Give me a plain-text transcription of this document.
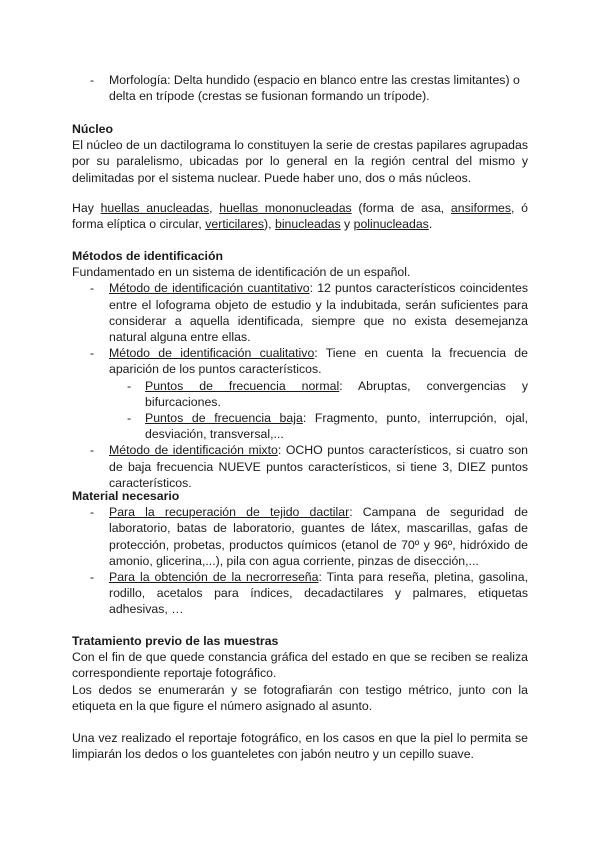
- Morfología: Delta hundido (espacio en blanco entre las crestas limitantes) o
delta en trípode (crestas se fusionan formando un trípode).
Núcleo

El núcleo de un dactilograma lo constituyen la serie de crestas papilares agrupadas por su paralelismo, ubicadas por lo general en la región central del mismo y delimitadas por el sistema nuclear. Puede haber uno, dos o más núcleos.

Hay huellas anucleadas, huellas mononucleadas (forma de asa, ansiformes, ó forma elíptica o circular, verticilares), binucleadas y polinucleadas.

Métodos de identificación
Fundamentado en un sistema de identificación de un español.
- Método de identificación cuantitativo: 12 puntos característicos coincidentes entre el lofograma objeto de estudio y la indubitada, serán suficientes para considerar a aquella identificada, siempre que no exista desemejanza natural alguna entre ellas.
- Método de identificación cualitativo: Tiene en cuenta la frecuencia de aparición de los puntos característicos.
- Puntos de frecuencia normal: Abruptas, convergencias y bifurcaciones.
- Puntos de frecuencia baja: Fragmento, punto, interrupción, ojal, desviación, transversal,...
- Método de identificación mixto: OCHO puntos característicos, si cuatro son de baja frecuencia NUEVE puntos característicos, si tiene 3, DIEZ puntos característicos.
Material necesario
- Para la recuperación de tejido dactilar: Campana de seguridad de laboratorio, batas de laboratorio, guantes de látex, mascarillas, gafas de protección, probetas, productos químicos (etanol de 70º y 96º, hidróxido de amonio, glicerina,...), pila con agua corriente, pinzas de disección,...
- Para la obtención de la necrorreseña: Tinta para reseña, pletina, gasolina, rodillo, acetalos para índices, decadactilares y palmares, etiquetas adhesivas, …
Tratamiento previo de las muestras

Con el fin de que quede constancia gráfica del estado en que se reciben se realiza correspondiente reportaje fotográfico.

Los dedos se enumerarán y se fotografiarán con testigo métrico, junto con la etiqueta en la que figure el número asignado al asunto.

Una vez realizado el reportaje fotográfico, en los casos en que la piel lo permita se limpiarán los dedos o los guanteletes con jabón neutro y un cepillo suave.
